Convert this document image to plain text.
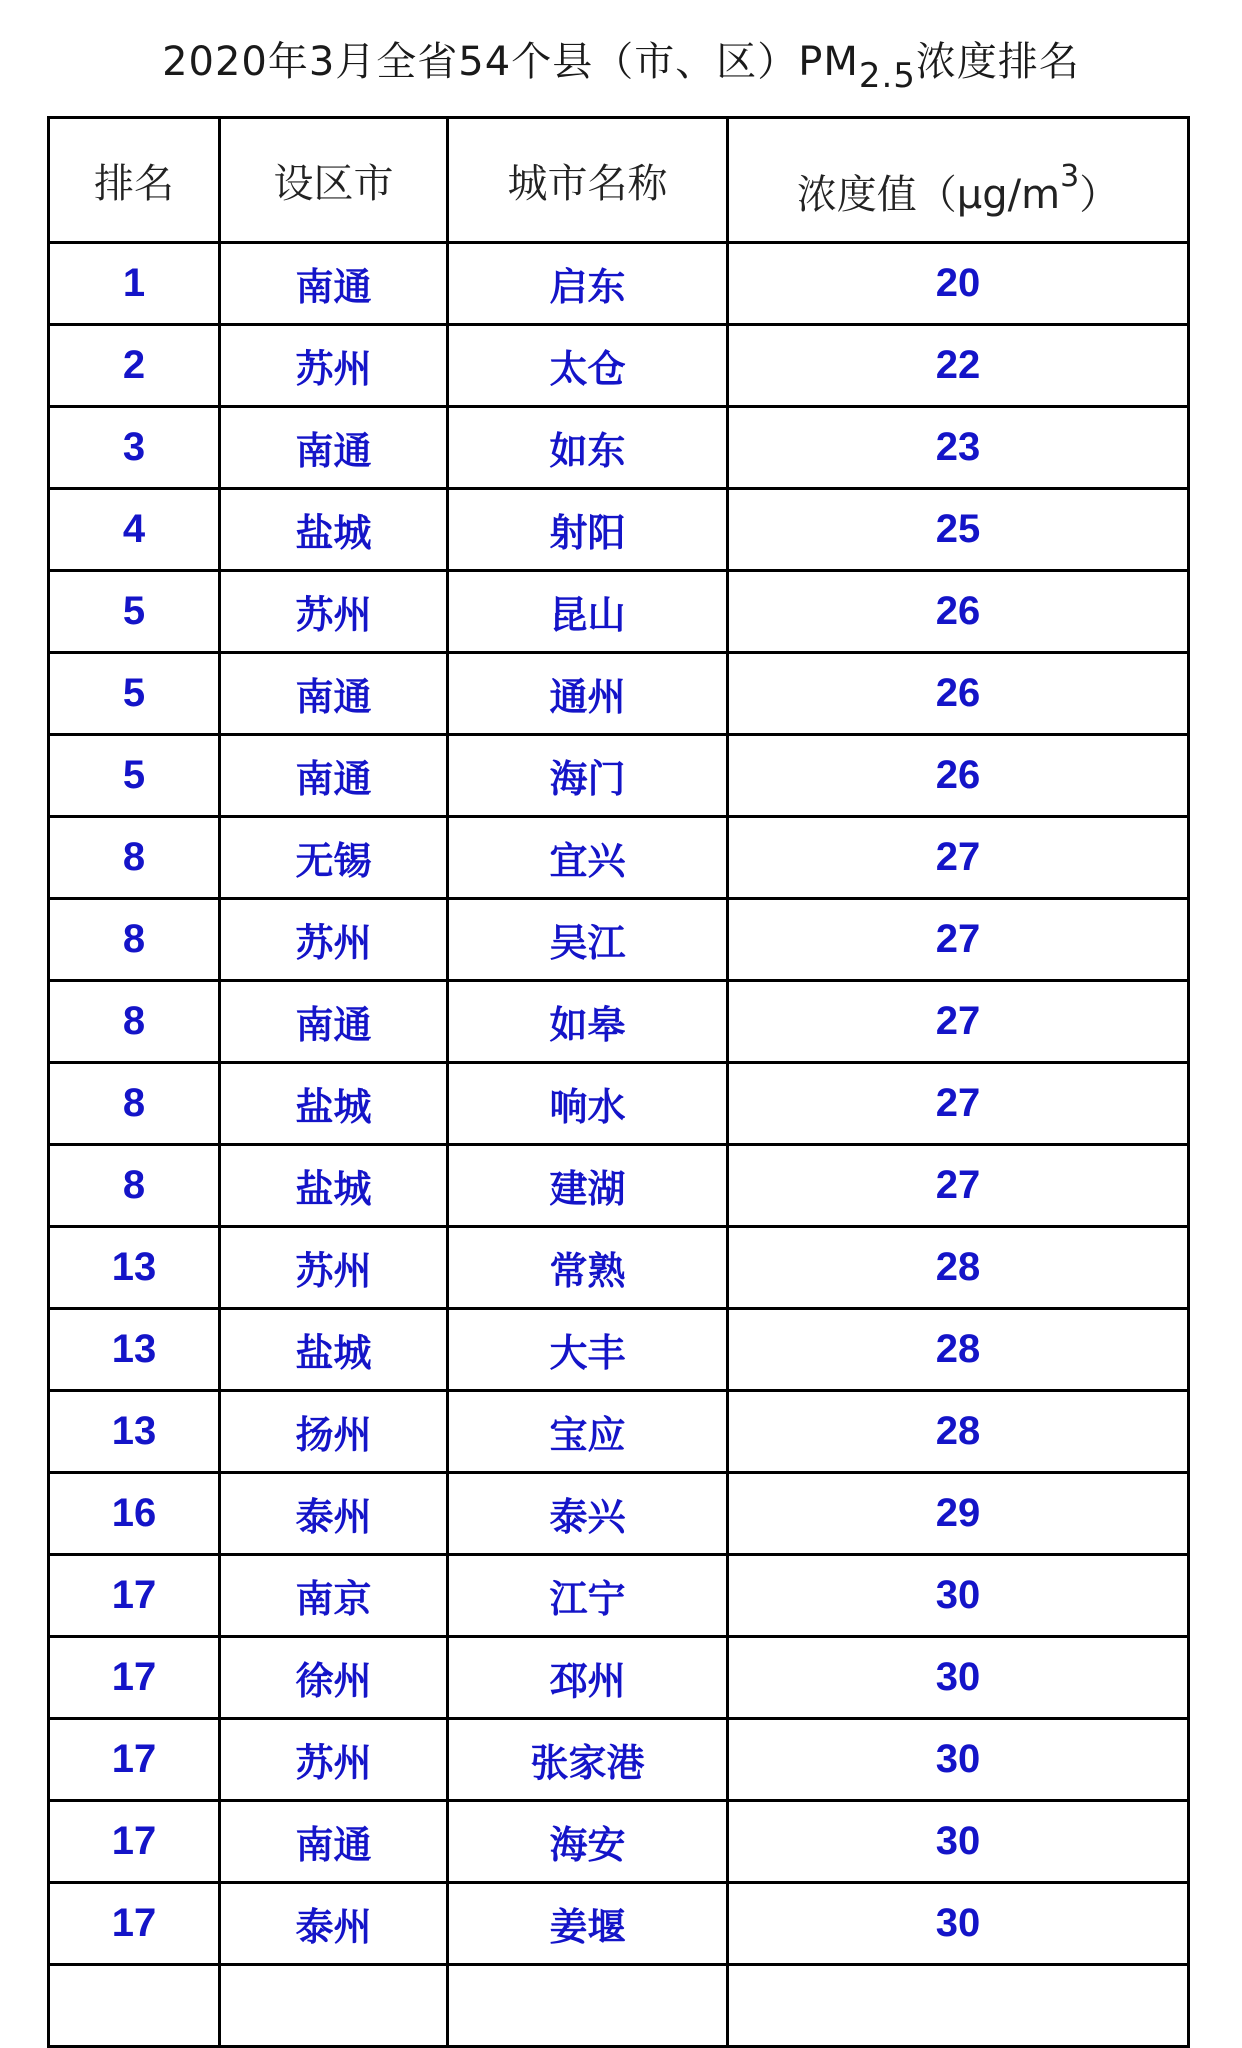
2020年3月全省54个县（市、区）$PM_{2.5}$浓度排名
排名	设区市	城市名称	浓度值$(\mu g/m^3)$
1	南通	启东	20
2	苏州	太仓	22
3	南通	如东	23
4	盐城	射阳	25
5	苏州	昆山	26
5	南通	通州	26
5	南通	海门	26
8	无锡	宜兴	27
8	苏州	吴江	27
8	南通	如皋	27
8	盐城	响水	27
8	盐城	建湖	27
13	苏州	常熟	28
13	盐城	大丰	28
13	扬州	宝应	28
16	泰州	泰兴	29
17	南京	江宁	30
17	徐州	邳州	30
17	苏州	张家港	30
17	南通	海安	30
17	泰州	姜堰	30
